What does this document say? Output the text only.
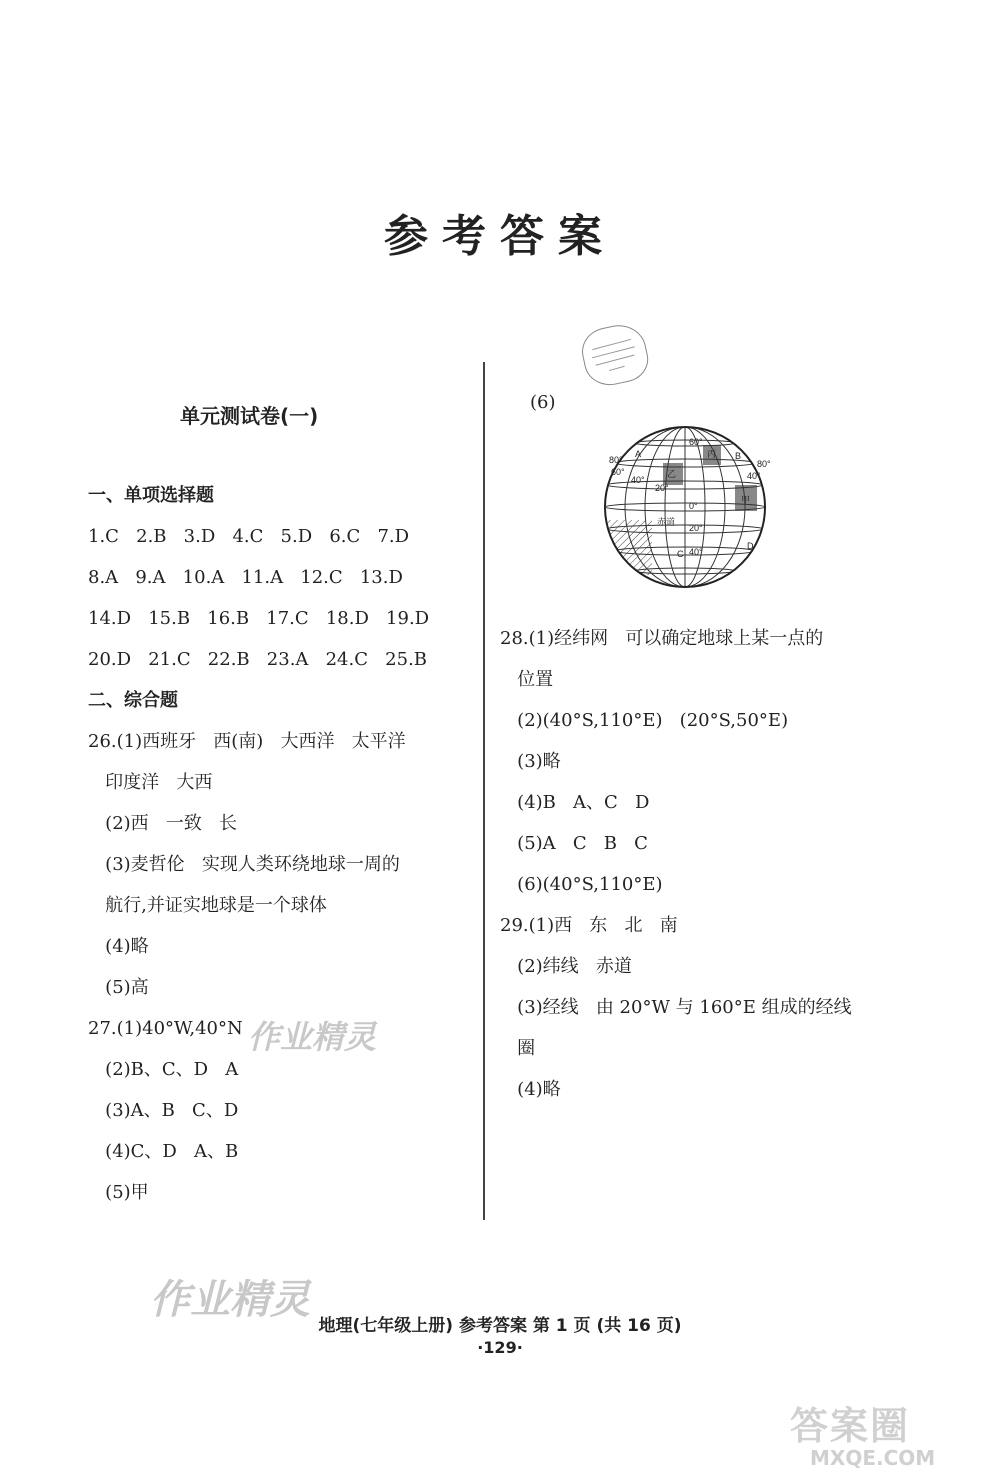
参考答案
单元测试卷(一)
一、单项选择题
1.C   2.B   3.D   4.C   5.D   6.C   7.D
8.A   9.A   10.A   11.A   12.C   13.D
14.D   15.B   16.B   17.C   18.D   19.D
20.D   21.C   22.B   23.A   24.C   25.B
二、综合题
26.(1)西班牙   西(南)   大西洋   太平洋
印度洋   大西
(2)西   一致   长
(3)麦哲伦   实现人类环绕地球一周的
航行,并证实地球是一个球体
(4)略
(5)高
27.(1)40°W,40°N
(2)B、C、D   A
(3)A、B   C、D
(4)C、D   A、B
(5)甲
作业精灵
(6)
A	B
C
D
甲
乙
丙
赤道
80°
60°
40°
20°
0°
20°
40°
60°
40°
80°
28.(1)经纬网   可以确定地球上某一点的
位置
(2)(40°S,110°E)   (20°S,50°E)
(3)略
(4)B   A、C   D
(5)A   C   B   C
(6)(40°S,110°E)
29.(1)西   东   北   南
(2)纬线   赤道
(3)经线   由 20°W 与 160°E 组成的经线
圈
(4)略
作业精灵
地理(七年级上册) 参考答案 第 1 页 (共 16 页)
·129·
答案圈
MXQE.COM
